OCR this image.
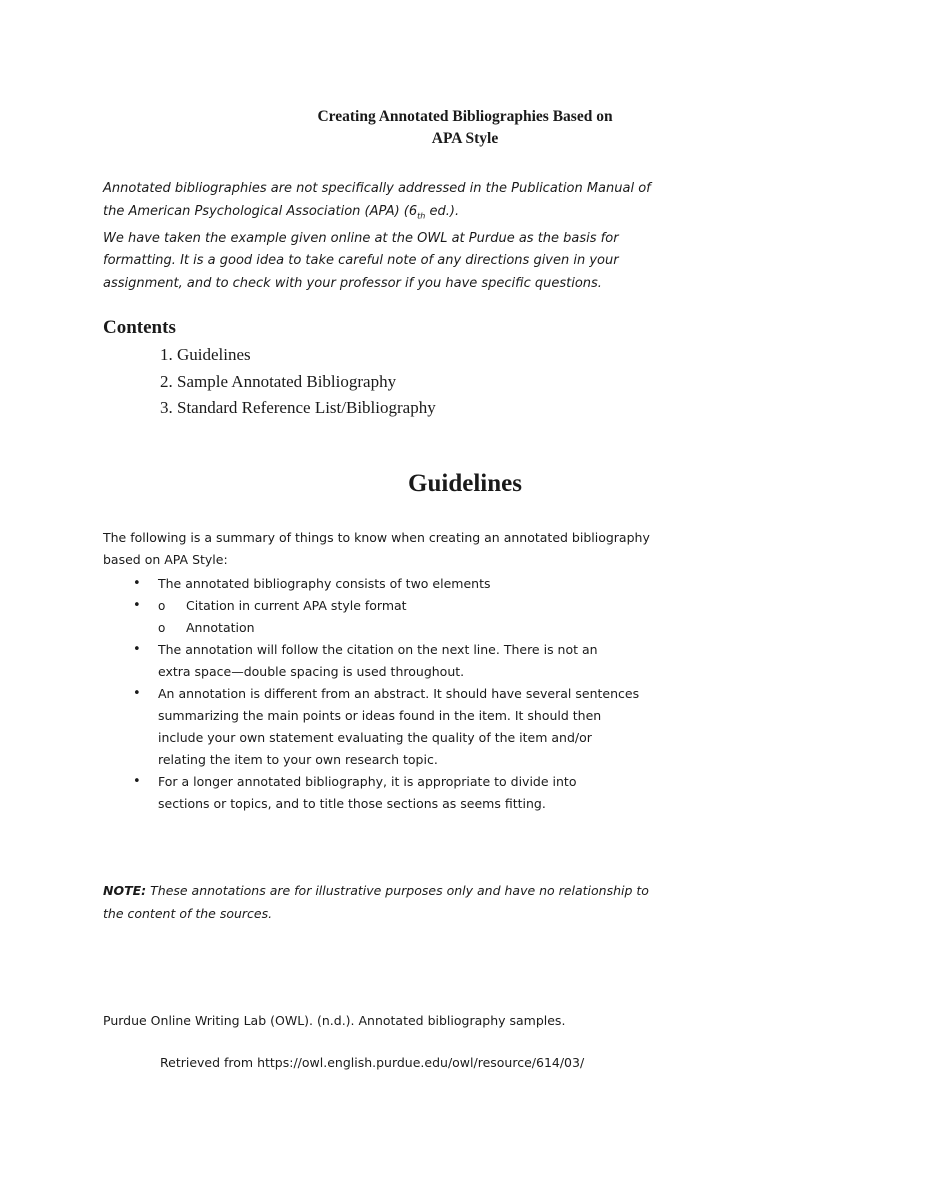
Creating Annotated Bibliographies Based on
APA Style

Annotated bibliographies are not specifically addressed in the Publication Manual of

the American Psychological Association (APA) ($6_{th}$ ed.).

We have taken the example given online at the OWL at Purdue as the basis for

formatting. It is a good idea to take careful note of any directions given in your

assignment, and to check with your professor if you have specific questions.

Contents
1. Guidelines
2. Sample Annotated Bibliography
3. Standard Reference List/Bibliography
Guidelines
The following is a summary of things to know when creating an annotated bibliography
based on APA Style:
• The annotated bibliography consists of two elements
o • Citation in current APA style format
o Annotation
• The annotation will follow the citation on the next line. There is not an
extra space—double spacing is used throughout.
• An annotation is different from an abstract. It should have several sentences
summarizing the main points or ideas found in the item. It should then
include your own statement evaluating the quality of the item and/or
relating the item to your own research topic.
• For a longer annotated bibliography, it is appropriate to divide into
sections or topics, and to title those sections as seems fitting.
NOTE: These annotations are for illustrative purposes only and have no relationship to
the content of the sources.
Purdue Online Writing Lab (OWL). (n.d.). Annotated bibliography samples.
Retrieved from https://owl.english.purdue.edu/owl/resource/614/03/
